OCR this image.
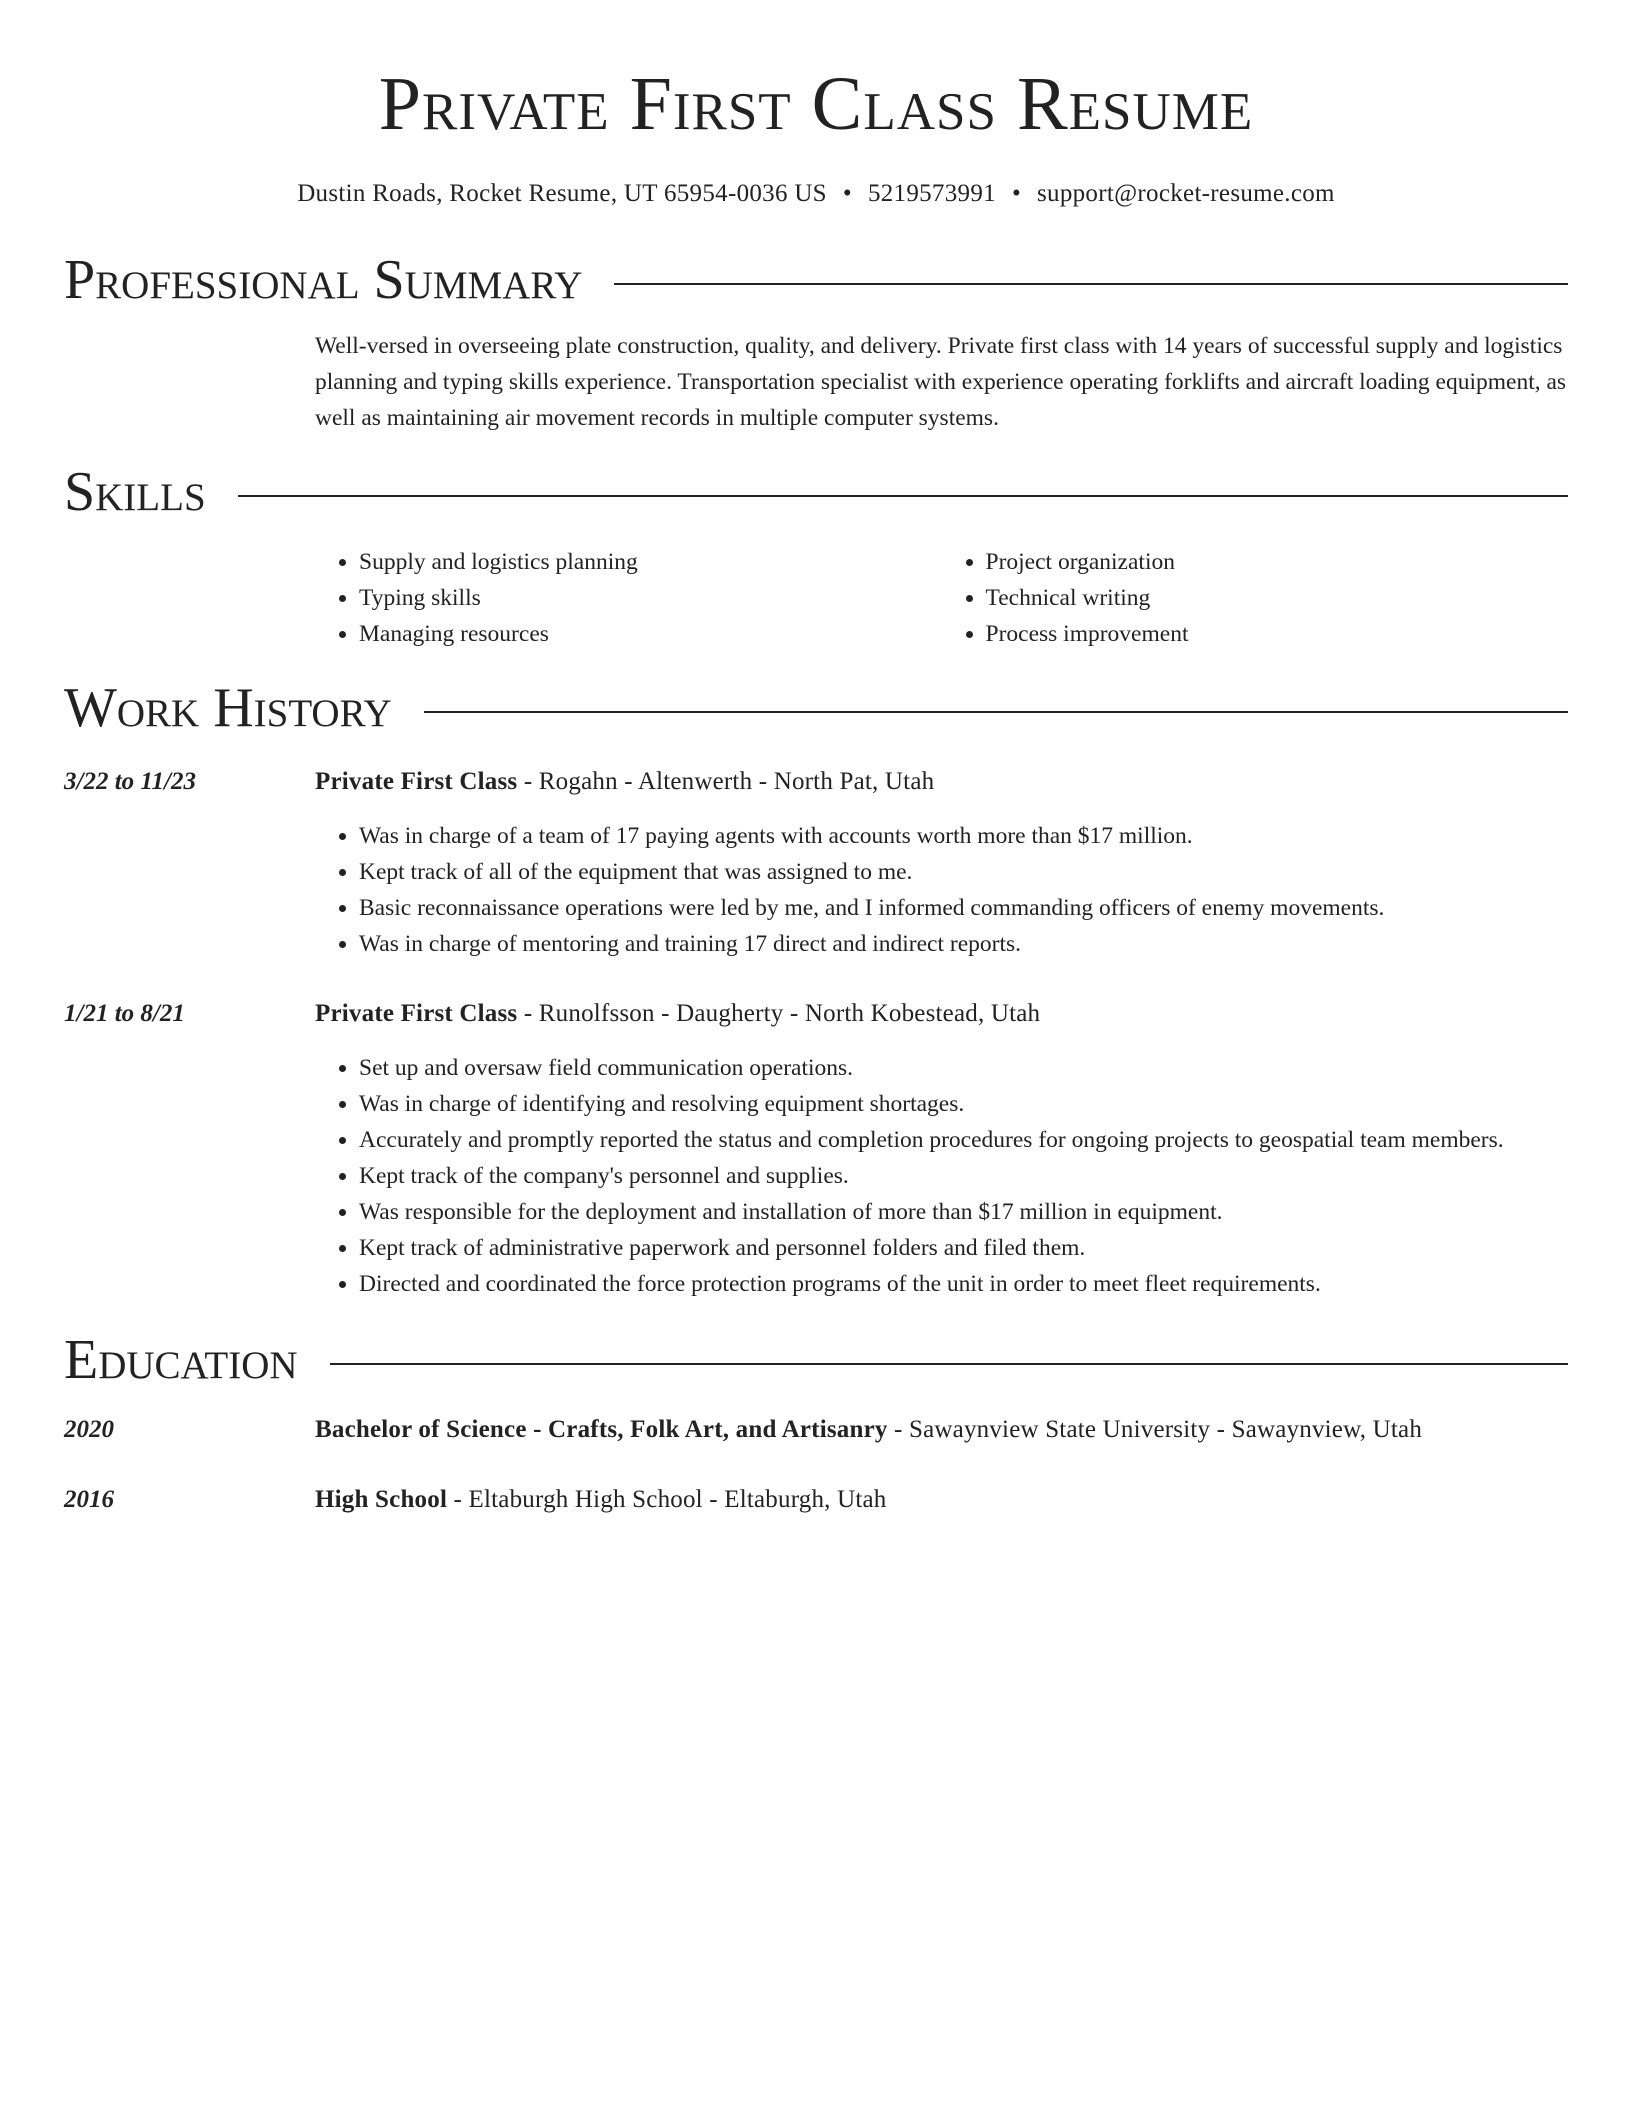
Private First Class Resume
Dustin Roads, Rocket Resume, UT 65954-0036 US • 5219573991 • support@rocket-resume.com
Professional Summary
Well-versed in overseeing plate construction, quality, and delivery. Private first class with 14 years of successful supply and logistics planning and typing skills experience. Transportation specialist with experience operating forklifts and aircraft loading equipment, as well as maintaining air movement records in multiple computer systems.
Skills
• Supply and logistics planning
• Typing skills
• Managing resources
• Project organization
• Technical writing
• Process improvement
Work History
3/22 to 11/23	Private First Class - Rogahn - Altenwerth - North Pat, Utah
• Was in charge of a team of 17 paying agents with accounts worth more than $17 million.
• Kept track of all of the equipment that was assigned to me.
• Basic reconnaissance operations were led by me, and I informed commanding officers of enemy movements.
• Was in charge of mentoring and training 17 direct and indirect reports.
1/21 to 8/21	Private First Class - Runolfsson - Daugherty - North Kobestead, Utah
• Set up and oversaw field communication operations.
• Was in charge of identifying and resolving equipment shortages.
• Accurately and promptly reported the status and completion procedures for ongoing projects to geospatial team members.
• Kept track of the company's personnel and supplies.
• Was responsible for the deployment and installation of more than $17 million in equipment.
• Kept track of administrative paperwork and personnel folders and filed them.
• Directed and coordinated the force protection programs of the unit in order to meet fleet requirements.
Education
2020	Bachelor of Science - Crafts, Folk Art, and Artisanry - Sawaynview State University - Sawaynview, Utah
2016	High School - Eltaburgh High School - Eltaburgh, Utah
